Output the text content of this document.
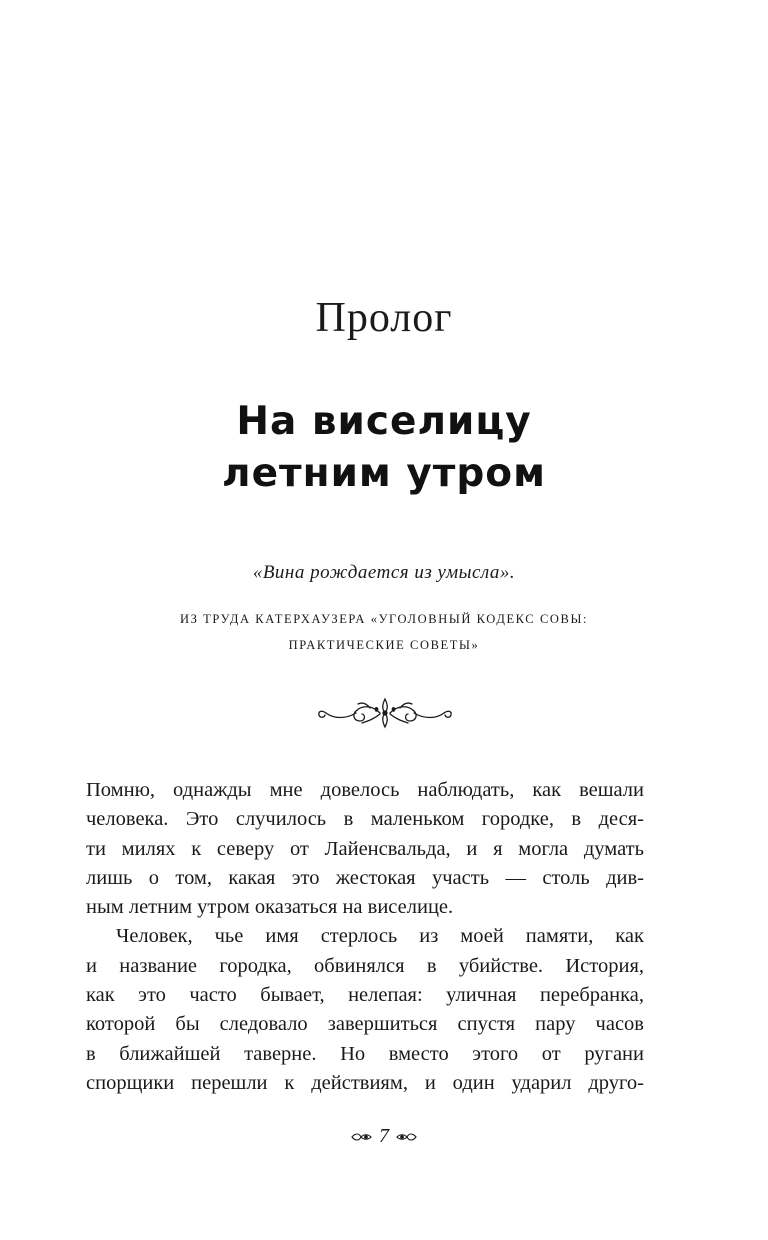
Пролог
На виселицу
летним утром
«Вина рождается из умысла».
ИЗ ТРУДА КАТЕРХАУЗЕРА «УГОЛОВНЫЙ КОДЕКС СОВЫ:
ПРАКТИЧЕСКИЕ СОВЕТЫ»

Помню, однажды мне довелось наблюдать, как вешали
человека. Это случилось в маленьком городке, в деся-
ти милях к северу от Лайенсвальда, и я могла думать
лишь о том, какая это жестокая участь — столь див-
ным летним утром оказаться на виселице.

Человек, чье имя стерлось из моей памяти, как
и название городка, обвинялся в убийстве. История,
как это часто бывает, нелепая: уличная перебранка,
которой бы следовало завершиться спустя пару часов
в ближайшей таверне. Но вместо этого от ругани
спорщики перешли к действиям, и один ударил друго-

7
